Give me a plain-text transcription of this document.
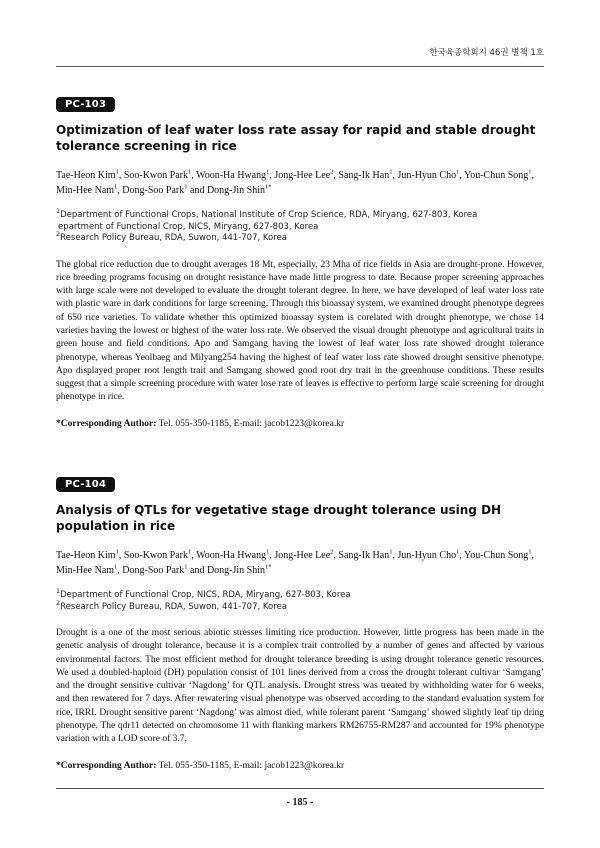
한국육종학회지 46권 별책 1호
PC-103
Optimization of leaf water loss rate assay for rapid and stable drought tolerance screening in rice
Tae-Heon Kim$^1$, Soo-Kwon Park$^1$, Woon-Ha Hwang$^1$, Jong-Hee Lee$^2$, Sang-Ik Han$^1$, Jun-Hyun Cho$^1$, You-Chun Song$^1$, Min-Hee Nam$^1$, Dong-Soo Park$^1$ and Dong-Jin Shin$^{1*}$
$^1$Department of Functional Crops, National Institute of Crop Science, RDA, Miryang, 627-803, Korea
epartment of Functional Crop, NICS, Miryang, 627-803, Korea
$^2$Research Policy Bureau, RDA, Suwon, 441-707, Korea
The global rice reduction due to drought averages 18 Mt, especially, 23 Mha of rice fields in Asia are drought-prone. However, rice breeding programs focusing on drought resistance have made little progress to date. Because proper screening approaches with large scale were not developed to evaluate the drought tolerant degree. In here, we have developed of leaf water loss rate with plastic ware in dark conditions for large screening. Through this bioassay system, we examined drought phenotype degrees of 650 rice varieties. To validate whether this optimized bioassay system is corelated with drought phenotype, we chose 14 varieties having the lowest or highest of the water loss rate. We observed the visual drought phenotype and agricultural traits in green house and field conditions. Apo and Samgang having the lowest of leaf water loss rate showed drought tolerance phenotype, whereas Yeolbaeg and Milyang254 having the highest of leaf water loss rate showed drought sensitive phenotype. Apo displayed proper root length trait and Samgang showed good root dry trait in the greenhouse conditions. These results suggest that a simple screening procedure with water lose rate of leaves is effective to perform large scale screening for drought phenotype in rice.
*Corresponding Author: Tel. 055-350-1185, E-mail: jacob1223@korea.kr
PC-104
Analysis of QTLs for vegetative stage drought tolerance using DH population in rice
Tae-Heon Kim$^1$, Soo-Kwon Park$^1$, Woon-Ha Hwang$^1$, Jong-Hee Lee$^2$, Sang-Ik Han$^1$, Jun-Hyun Cho$^1$, You-Chun Song$^1$, Min-Hee Nam$^1$, Dong-Soo Park$^1$ and Dong-Jin Shin$^{1*}$
$^1$Department of Functional Crop, NICS, RDA, Miryang, 627-803, Korea
$^2$Research Policy Bureau, RDA, Suwon, 441-707, Korea
Drought is a one of the most serious abiotic stresses limiting rice production. However, little progress has been made in the genetic analysis of drought tolerance, because it is a complex trait controlled by a number of genes and affected by various environmental factors. The most efficient method for drought tolerance breeding is using drought tolerance genetic resources. We used a doubled-haploid (DH) population consist of 101 lines derived from a cross the drought tolerant cultivar ‘Samgang’ and the drought sensitive cultivar ‘Nagdong’ for QTL analysis. Drought stress was treated by withholding water for 6 weeks, and then rewatered for 7 days. After rewatering visual phenotype was observed according to the standard evaluation system for rice, IRRI. Drought sensitive parent ‘Nagdong’ was almost died, while tolerant parent ‘Samgang’ showed slightly leaf tip dring phenotype. The qdr11 detected on chromosome 11 with flanking markers RM26755-RM287 and accounted for 19% phenotype variation with a LOD score of 3.7.
*Corresponding Author: Tel. 055-350-1185, E-mail: jacob1223@korea.kr
- 185 -
